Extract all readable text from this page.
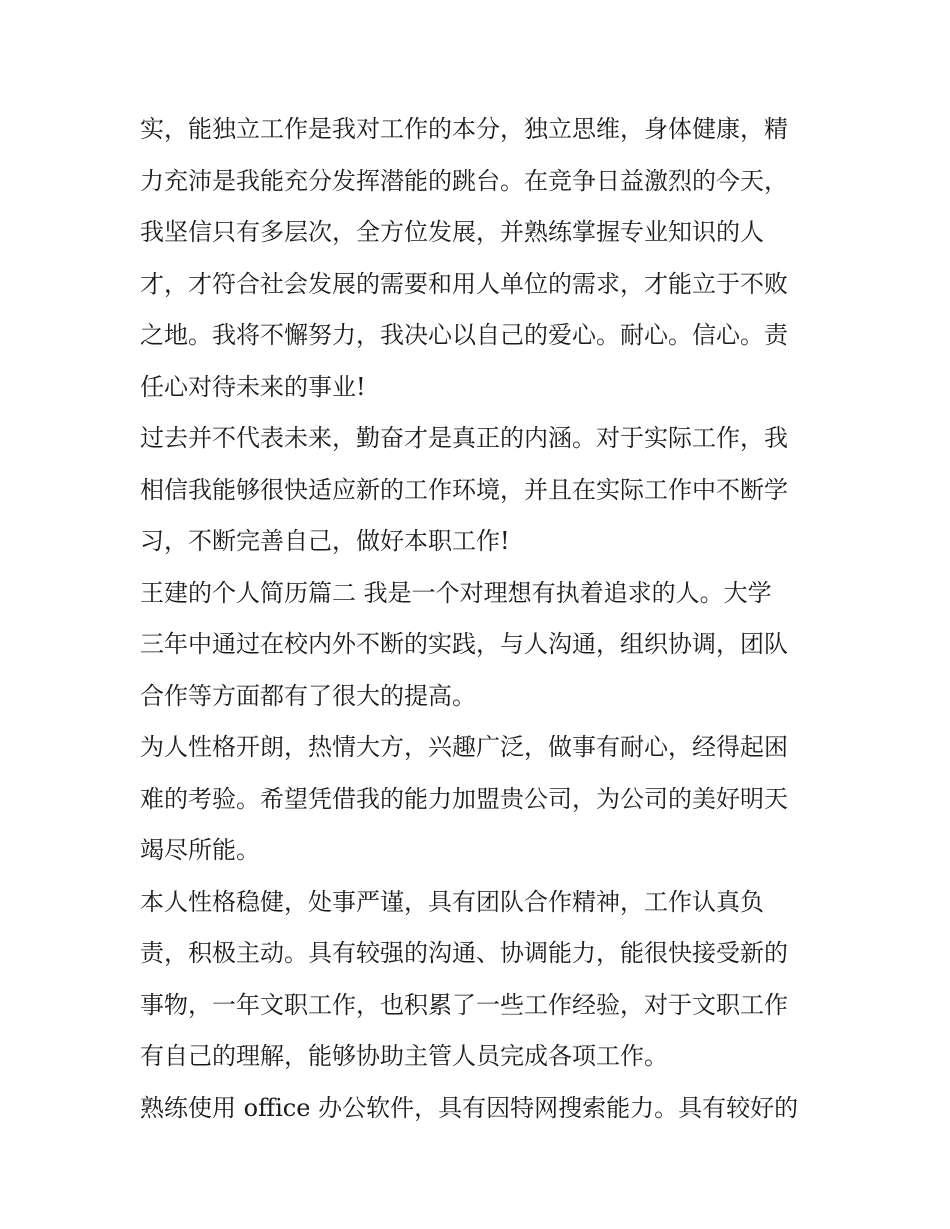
实，能独立工作是我对工作的本分，独立思维，身体健康，精
力充沛是我能充分发挥潜能的跳台。在竞争日益激烈的今天，
我坚信只有多层次，全方位发展，并熟练掌握专业知识的人
才，才符合社会发展的需要和用人单位的需求，才能立于不败
之地。我将不懈努力，我决心以自己的爱心。耐心。信心。责
任心对待未来的事业!
过去并不代表未来，勤奋才是真正的内涵。对于实际工作，我
相信我能够很快适应新的工作环境，并且在实际工作中不断学
习，不断完善自己，做好本职工作!
王建的个人简历篇二 我是一个对理想有执着追求的人。大学
三年中通过在校内外不断的实践，与人沟通，组织协调，团队
合作等方面都有了很大的提高。
为人性格开朗，热情大方，兴趣广泛，做事有耐心，经得起困
难的考验。希望凭借我的能力加盟贵公司，为公司的美好明天
竭尽所能。
本人性格稳健，处事严谨，具有团队合作精神，工作认真负
责，积极主动。具有较强的沟通、协调能力，能很快接受新的
事物，一年文职工作，也积累了一些工作经验，对于文职工作
有自己的理解，能够协助主管人员完成各项工作。
熟练使用 office 办公软件，具有因特网搜索能力。具有较好的
